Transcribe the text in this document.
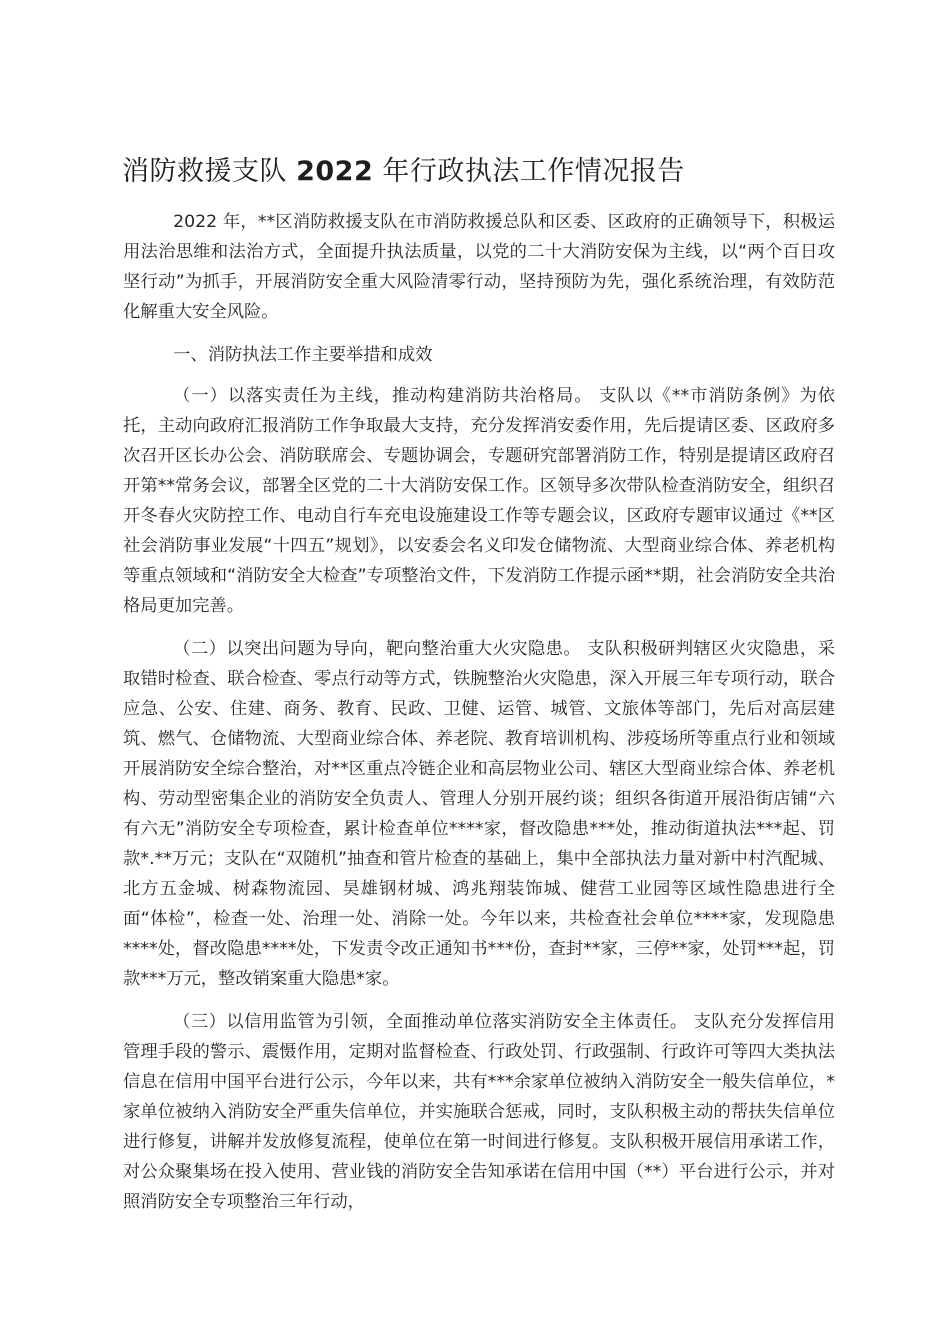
消防救援支队 2022 年行政执法工作情况报告

2022 年，**区消防救援支队在市消防救援总队和区委、区政府的正确领导下，积极运用法治思维和法治方式，全面提升执法质量，以党的二十大消防安保为主线，以“两个百日攻坚行动”为抓手，开展消防安全重大风险清零行动，坚持预防为先，强化系统治理，有效防范化解重大安全风险。

一、消防执法工作主要举措和成效

（一）以落实责任为主线，推动构建消防共治格局。 支队以《**市消防条例》为依托，主动向政府汇报消防工作争取最大支持，充分发挥消安委作用，先后提请区委、区政府多次召开区长办公会、消防联席会、专题协调会，专题研究部署消防工作，特别是提请区政府召开第**常务会议，部署全区党的二十大消防安保工作。区领导多次带队检查消防安全，组织召开冬春火灾防控工作、电动自行车充电设施建设工作等专题会议，区政府专题审议通过《**区社会消防事业发展“十四五”规划》，以安委会名义印发仓储物流、大型商业综合体、养老机构等重点领域和“消防安全大检查”专项整治文件，下发消防工作提示函**期，社会消防安全共治格局更加完善。

（二）以突出问题为导向，靶向整治重大火灾隐患。 支队积极研判辖区火灾隐患，采取错时检查、联合检查、零点行动等方式，铁腕整治火灾隐患，深入开展三年专项行动，联合应急、公安、住建、商务、教育、民政、卫健、运管、城管、文旅体等部门，先后对高层建筑、燃气、仓储物流、大型商业综合体、养老院、教育培训机构、涉疫场所等重点行业和领域开展消防安全综合整治，对**区重点冷链企业和高层物业公司、辖区大型商业综合体、养老机构、劳动型密集企业的消防安全负责人、管理人分别开展约谈；组织各街道开展沿街店铺“六有六无”消防安全专项检查，累计检查单位****家，督改隐患***处，推动街道执法***起、罚款*.**万元；支队在“双随机”抽查和管片检查的基础上，集中全部执法力量对新中村汽配城、北方五金城、树森物流园、昊雄钢材城、鸿兆翔装饰城、健营工业园等区域性隐患进行全面“体检”，检查一处、治理一处、消除一处。今年以来，共检查社会单位****家，发现隐患****处，督改隐患****处，下发责令改正通知书***份，查封**家，三停**家，处罚***起，罚款***万元，整改销案重大隐患*家。

（三）以信用监管为引领，全面推动单位落实消防安全主体责任。 支队充分发挥信用管理手段的警示、震慑作用，定期对监督检查、行政处罚、行政强制、行政许可等四大类执法信息在信用中国平台进行公示，今年以来，共有***余家单位被纳入消防安全一般失信单位，*家单位被纳入消防安全严重失信单位，并实施联合惩戒，同时，支队积极主动的帮扶失信单位进行修复，讲解并发放修复流程，使单位在第一时间进行修复。支队积极开展信用承诺工作，对公众聚集场在投入使用、营业钱的消防安全告知承诺在信用中国（**）平台进行公示，并对照消防安全专项整治三年行动，
